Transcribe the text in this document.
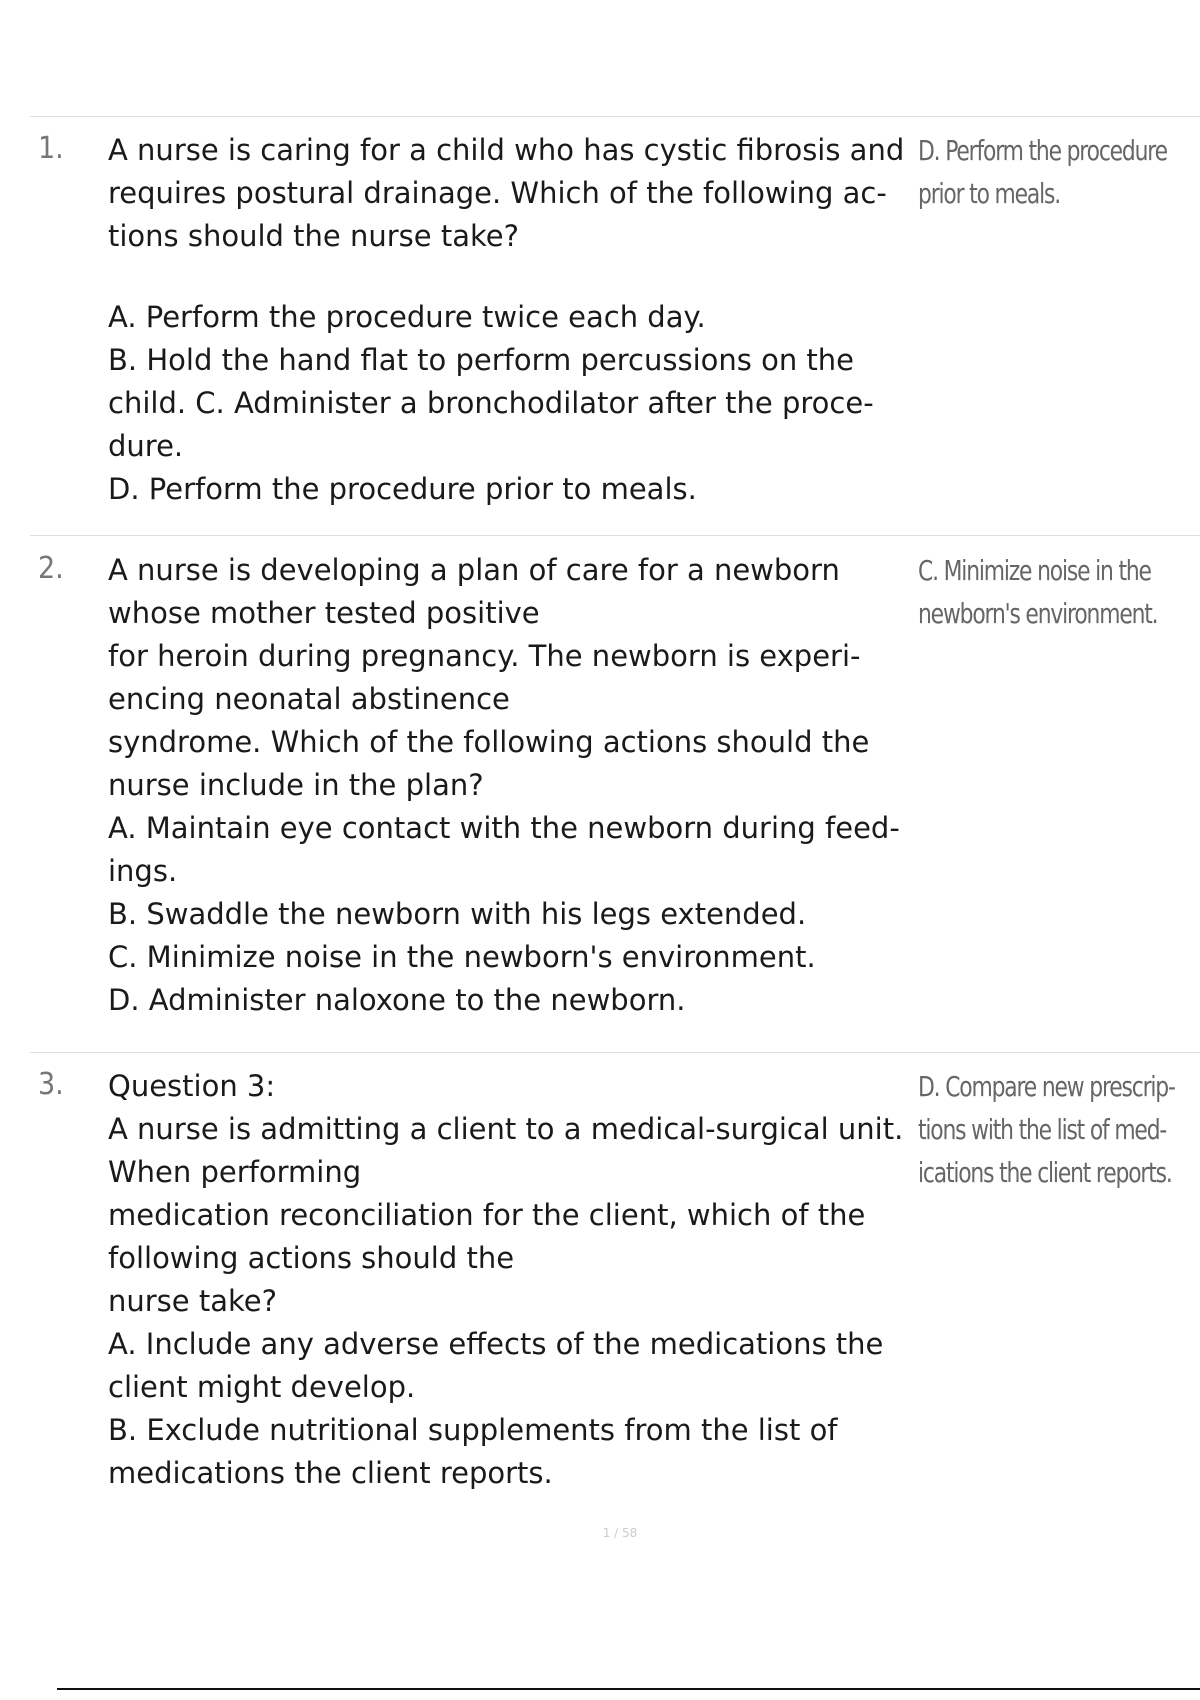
1. A nurse is caring for a child who has cystic fibrosis and
requires postural drainage. Which of the following ac-
tions should the nurse take?
A. Perform the procedure twice each day.
B. Hold the hand flat to perform percussions on the
child. C. Administer a bronchodilator after the proce-
dure.
D. Perform the procedure prior to meals.
D. Perform the procedure
prior to meals.
2. A nurse is developing a plan of care for a newborn
whose mother tested positive
for heroin during pregnancy. The newborn is experi-
encing neonatal abstinence
syndrome. Which of the following actions should the
nurse include in the plan?
A. Maintain eye contact with the newborn during feed-
ings.
B. Swaddle the newborn with his legs extended.
C. Minimize noise in the newborn's environment.
D. Administer naloxone to the newborn.
C. Minimize noise in the
newborn's environment.
3. Question 3:
A nurse is admitting a client to a medical-surgical unit.
When performing
medication reconciliation for the client, which of the
following actions should the
nurse take?
A. Include any adverse effects of the medications the
client might develop.
B. Exclude nutritional supplements from the list of
medications the client reports.
D. Compare new prescrip-
tions with the list of med-
ications the client reports.
1 / 58
